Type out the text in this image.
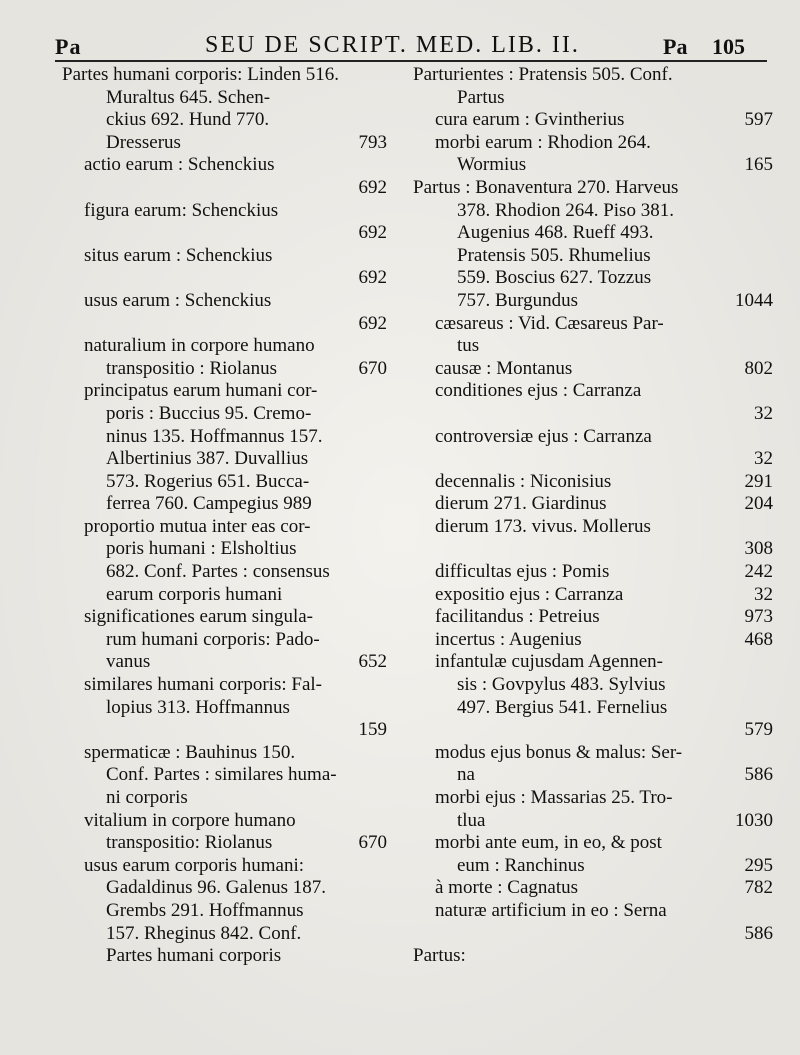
Pa	SEU DE SCRIPT. MED. LIB. II.	Pa 105
Partes humani corporis: Linden 516.
Muraltus 645. Schen-
ckius 692. Hund 770.
Dresserus	793
actio earum : Schenckius
692
figura earum: Schenckius
692
situs earum : Schenckius
692
usus earum : Schenckius
692
naturalium in corpore humano
transpositio : Riolanus	670
principatus earum humani cor-
poris : Buccius 95. Cremo-
ninus 135. Hoffmannus 157.
Albertinius 387. Duvallius
573. Rogerius 651. Bucca-
ferrea 760. Campegius 989
proportio mutua inter eas cor-
poris humani : Elsholtius
682. Conf. Partes : consensus
earum corporis humani
significationes earum singula-
rum humani corporis: Pado-
vanus	652
similares humani corporis: Fal-
lopius 313. Hoffmannus
159
spermaticæ : Bauhinus 150.
Conf. Partes : similares huma-
ni corporis
vitalium in corpore humano
transpositio: Riolanus	670
usus earum corporis humani:
Gadaldinus 96. Galenus 187.
Grembs 291. Hoffmannus
157. Rheginus 842. Conf.
Partes humani corporis
Parturientes : Pratensis 505. Conf.
Partus
cura earum : Gvintherius	597
morbi earum : Rhodion 264.
Wormius	165
Partus : Bonaventura 270. Harveus
378. Rhodion 264. Piso 381.
Augenius 468. Rueff 493.
Pratensis 505. Rhumelius
559. Boscius 627. Tozzus
757. Burgundus	1044
cæsareus : Vid. Cæsareus Par-
tus
causæ : Montanus	802
conditiones ejus : Carranza
32
controversiæ ejus : Carranza
32
decennalis : Niconisius	291
dierum 271. Giardinus	204
dierum 173. vivus. Mollerus
308
difficultas ejus : Pomis	242
expositio ejus : Carranza	32
facilitandus : Petreius	973
incertus : Augenius	468
infantulæ cujusdam Agennen-
sis : Govpylus 483. Sylvius
497. Bergius 541. Fernelius
579
modus ejus bonus & malus: Ser-
na	586
morbi ejus : Massarias 25. Tro-
tlua	1030
morbi ante eum, in eo, & post
eum : Ranchinus	295
à morte : Cagnatus	782
naturæ artificium in eo : Serna
586
Partus:
